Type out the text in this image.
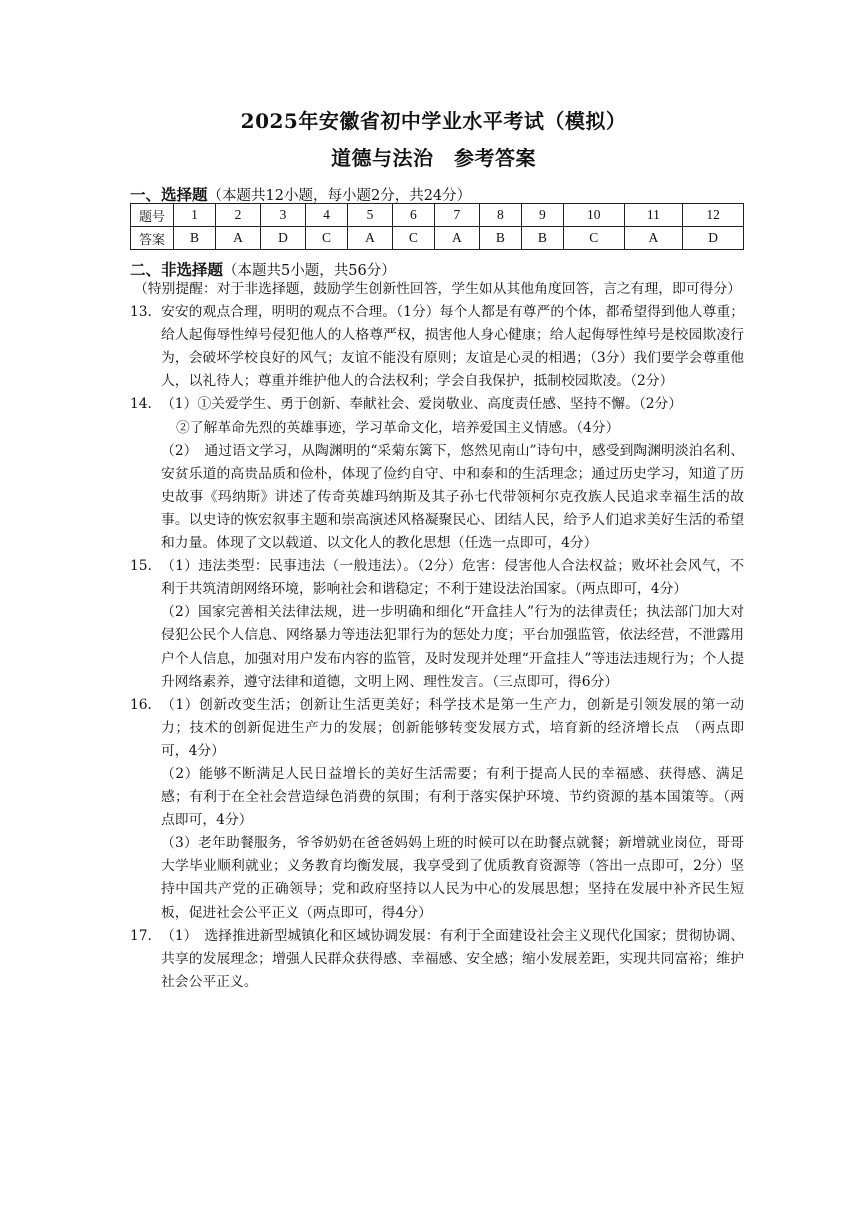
2025年安徽省初中学业水平考试（模拟）
道德与法治　参考答案
一、选择题（本题共12小题，每小题2分，共24分）
题号	1	2	3	4	5	6	7	8	9	10	11	12
答案	B	A	D	C	A	C	A	B	B	C	A	D
二、非选择题（本题共5小题，共56分）

（特别提醒：对于非选择题，鼓励学生创新性回答，学生如从其他角度回答，言之有理，即可得分）

13. 安安的观点合理，明明的观点不合理。（1分）每个人都是有尊严的个体，都希望得到他人尊重；给人起侮辱性绰号侵犯他人的人格尊严权，损害他人身心健康；给人起侮辱性绰号是校园欺凌行为，会破坏学校良好的风气；友谊不能没有原则；友谊是心灵的相遇；（3分）我们要学会尊重他人，以礼待人；尊重并维护他人的合法权利；学会自我保护，抵制校园欺凌。（2分）

14. （1）①关爱学生、勇于创新、奉献社会、爱岗敬业、高度责任感、坚持不懈。（2分）

②了解革命先烈的英雄事迹，学习革命文化，培养爱国主义情感。（4分）

（2）　通过语文学习，从陶渊明的“采菊东篱下，悠然见南山”诗句中，感受到陶渊明淡泊名利、安贫乐道的高贵品质和俭朴，体现了俭约自守、中和泰和的生活理念；通过历史学习，知道了历史故事《玛纳斯》讲述了传奇英雄玛纳斯及其子孙七代带领柯尔克孜族人民追求幸福生活的故事。以史诗的恢宏叙事主题和崇高演述风格凝聚民心、团结人民，给予人们追求美好生活的希望和力量。体现了文以载道、以文化人的教化思想（任选一点即可，4分）

15. （1）违法类型：民事违法（一般违法）。（2分）危害：侵害他人合法权益；败坏社会风气，不利于共筑清朗网络环境，影响社会和谐稳定；不利于建设法治国家。（两点即可，4分）

（2）国家完善相关法律法规，进一步明确和细化“开盒挂人”行为的法律责任；执法部门加大对侵犯公民个人信息、网络暴力等违法犯罪行为的惩处力度；平台加强监管，依法经营，不泄露用户个人信息，加强对用户发布内容的监管，及时发现并处理“开盒挂人”等违法违规行为；个人提升网络素养，遵守法律和道德，文明上网、理性发言。（三点即可，得6分）

16. （1）创新改变生活；创新让生活更美好；科学技术是第一生产力，创新是引领发展的第一动力；技术的创新促进生产力的发展；创新能够转变发展方式，培育新的经济增长点　（两点即可，4分）

（2）能够不断满足人民日益增长的美好生活需要；有利于提高人民的幸福感、获得感、满足感；有利于在全社会营造绿色消费的氛围；有利于落实保护环境、节约资源的基本国策等。（两点即可，4分）

（3）老年助餐服务，爷爷奶奶在爸爸妈妈上班的时候可以在助餐点就餐；新增就业岗位，哥哥大学毕业顺利就业；义务教育均衡发展，我享受到了优质教育资源等（答出一点即可，2分）坚持中国共产党的正确领导；党和政府坚持以人民为中心的发展思想；坚持在发展中补齐民生短板，促进社会公平正义（两点即可，得4分）

17. （1）　选择推进新型城镇化和区域协调发展：有利于全面建设社会主义现代化国家；贯彻协调、共享的发展理念；增强人民群众获得感、幸福感、安全感；缩小发展差距，实现共同富裕；维护社会公平正义。
